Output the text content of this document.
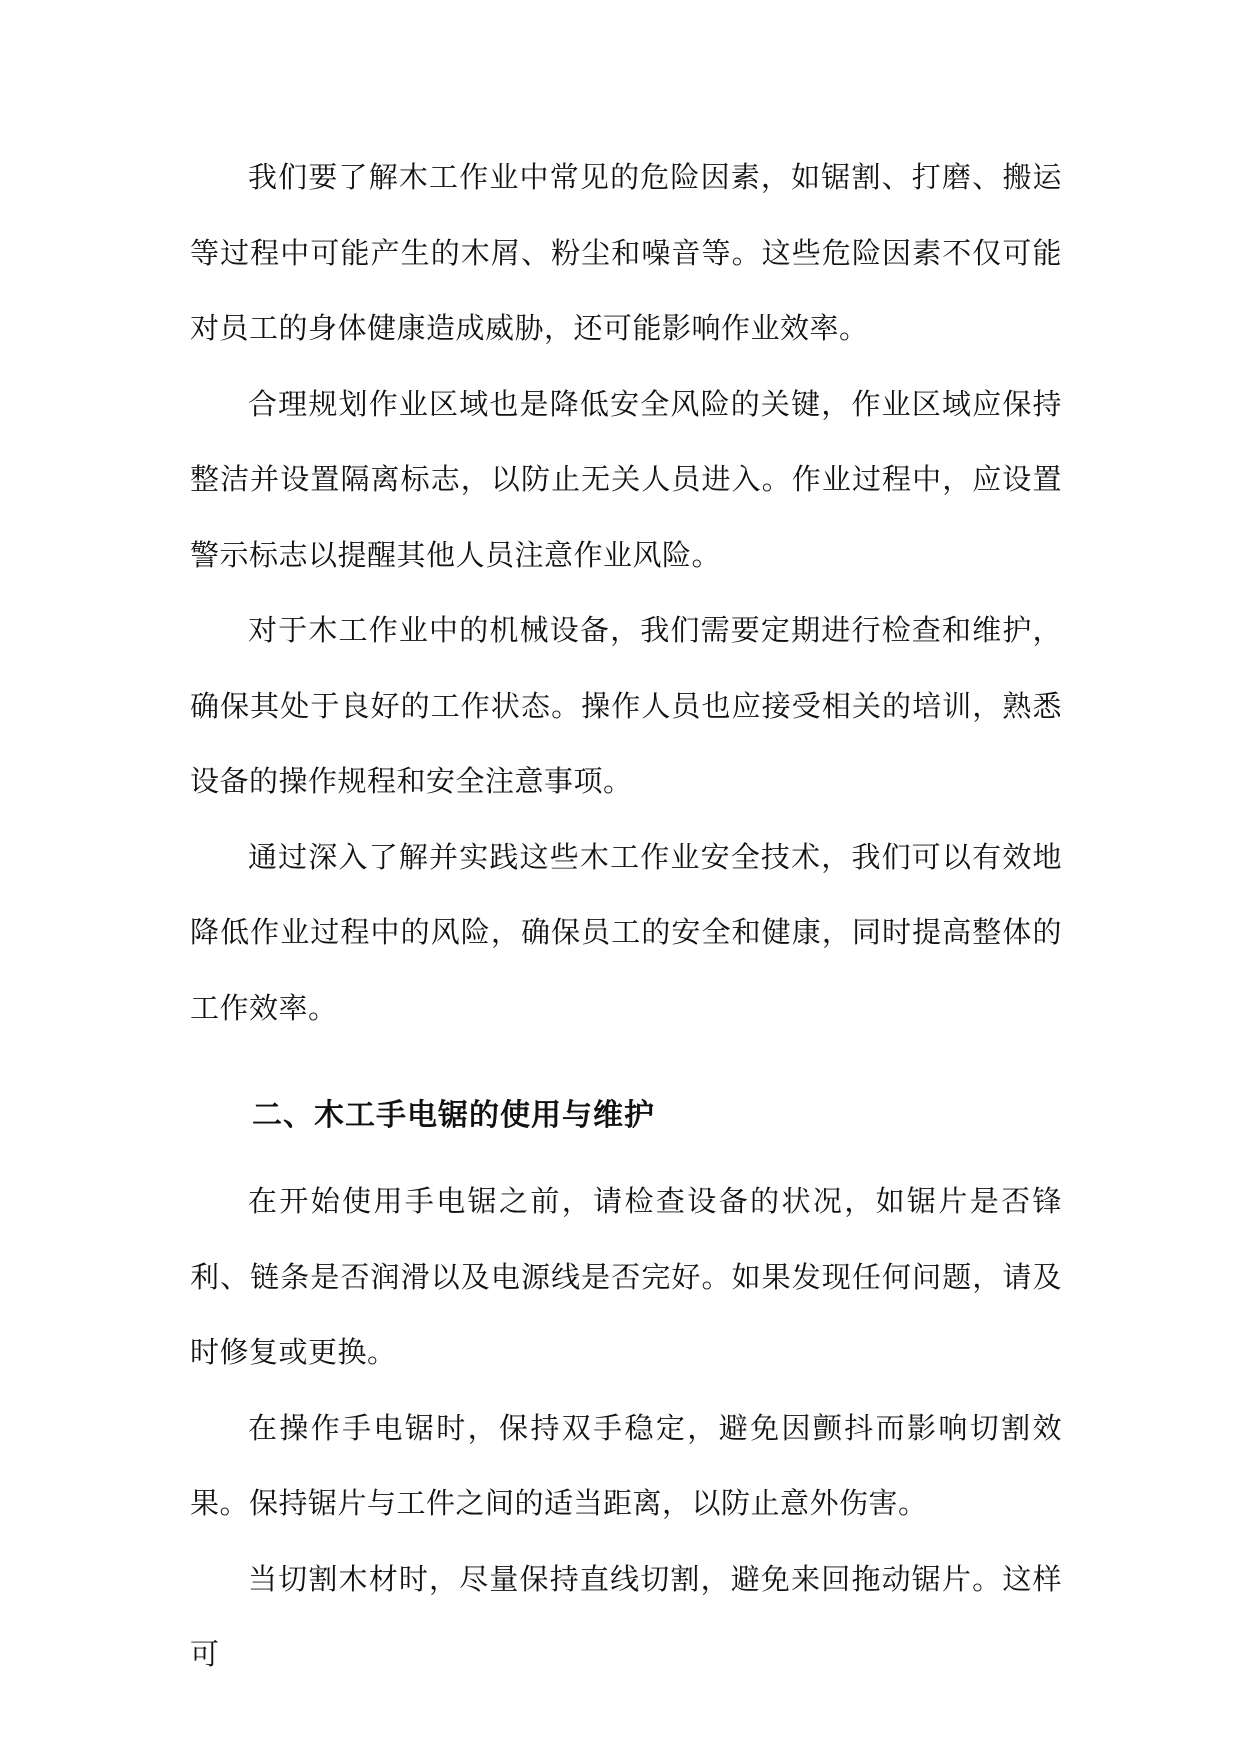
我们要了解木工作业中常见的危险因素，如锯割、打磨、搬运等过程中可能产生的木屑、粉尘和噪音等。这些危险因素不仅可能对员工的身体健康造成威胁，还可能影响作业效率。

合理规划作业区域也是降低安全风险的关键，作业区域应保持整洁并设置隔离标志，以防止无关人员进入。作业过程中，应设置警示标志以提醒其他人员注意作业风险。

对于木工作业中的机械设备，我们需要定期进行检查和维护，确保其处于良好的工作状态。操作人员也应接受相关的培训，熟悉设备的操作规程和安全注意事项。

通过深入了解并实践这些木工作业安全技术，我们可以有效地降低作业过程中的风险，确保员工的安全和健康，同时提高整体的工作效率。

二、木工手电锯的使用与维护

在开始使用手电锯之前，请检查设备的状况，如锯片是否锋利、链条是否润滑以及电源线是否完好。如果发现任何问题，请及时修复或更换。

在操作手电锯时，保持双手稳定，避免因颤抖而影响切割效果。保持锯片与工件之间的适当距离，以防止意外伤害。

当切割木材时，尽量保持直线切割，避免来回拖动锯片。这样可
